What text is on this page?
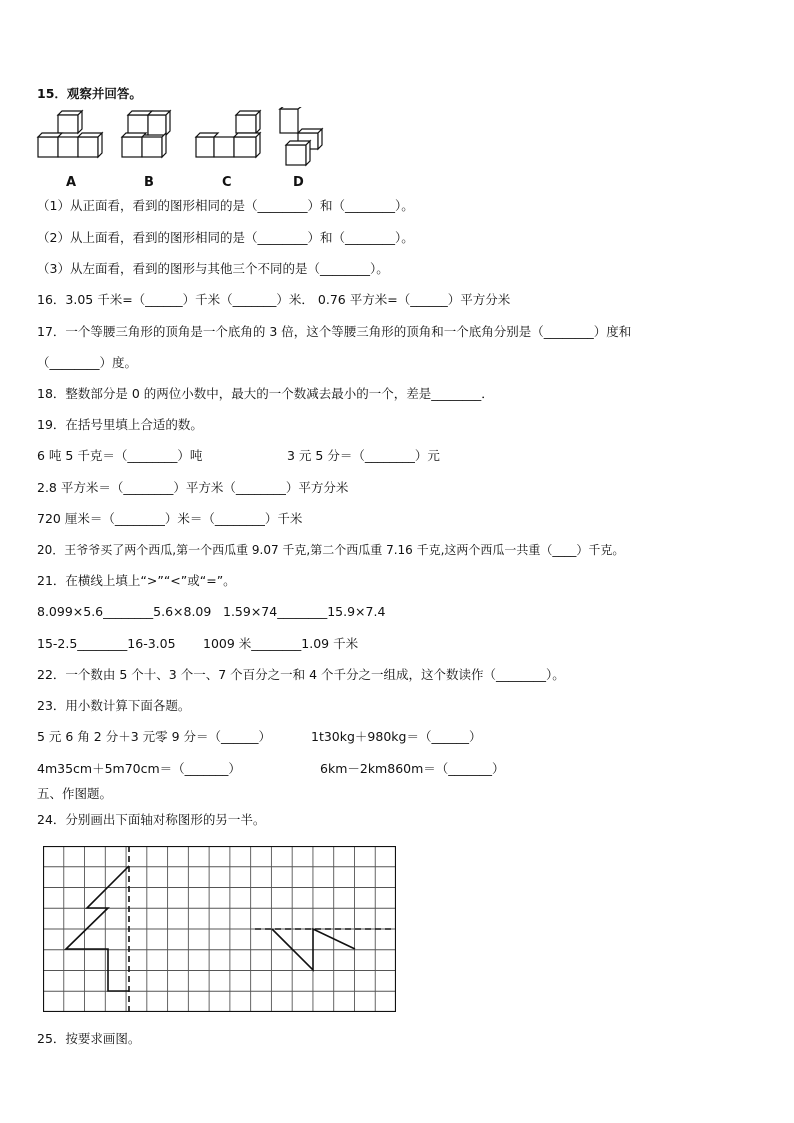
15．观察并回答。
A	B	C	D
（1）从正面看，看到的图形相同的是（________）和（________）。
（2）从上面看，看到的图形相同的是（________）和（________）。
（3）从左面看，看到的图形与其他三个不同的是（________）。
16．3.05 千米=（______）千米（_______）米． 0.76 平方米=（______）平方分米
17．一个等腰三角形的顶角是一个底角的 3 倍，这个等腰三角形的顶角和一个底角分别是（________）度和
（________）度。
18．整数部分是 0 的两位小数中，最大的一个数减去最小的一个，差是________．
19．在括号里填上合适的数。
6 吨 5 千克＝（________）吨	3 元 5 分＝（________）元
2.8 平方米＝（________）平方米（________）平方分米
720 厘米＝（________）米＝（________）千米
20．王爷爷买了两个西瓜,第一个西瓜重 9.07 千克,第二个西瓜重 7.16 千克,这两个西瓜一共重（____）千克。
21．在横线上填上“>”“<”或“=”。
8.099×5.6________5.6×8.09 1.59×74________15.9×7.4
15-2.5________16-3.05 1009 米________1.09 千米
22．一个数由 5 个十、3 个一、7 个百分之一和 4 个千分之一组成，这个数读作（________）。
23．用小数计算下面各题。
5 元 6 角 2 分＋3 元零 9 分＝（______）	1t30kg＋980kg＝（______）
4m35cm＋5m70cm＝（_______）	6km－2km860m＝（_______）
五、作图题。
24．分别画出下面轴对称图形的另一半。
25．按要求画图。
